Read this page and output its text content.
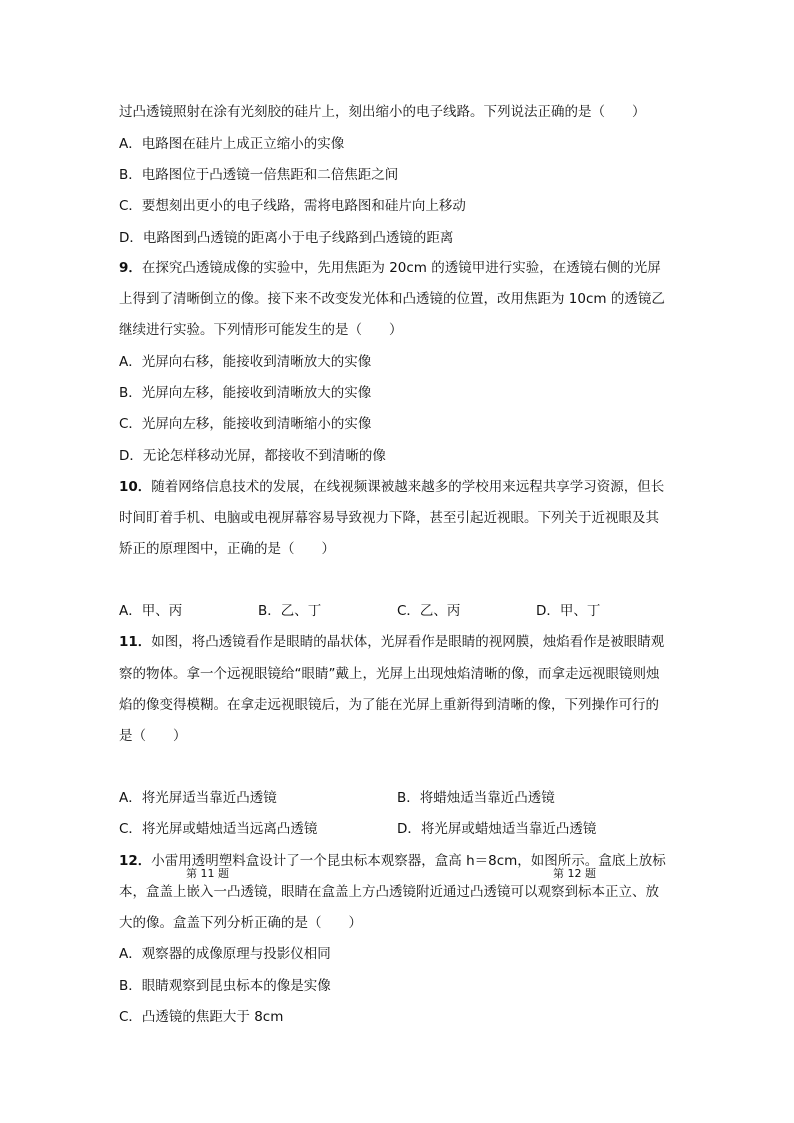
过凸透镜照射在涂有光刻胶的硅片上，刻出缩小的电子线路。下列说法正确的是（　　）
A．电路图在硅片上成正立缩小的实像
B．电路图位于凸透镜一倍焦距和二倍焦距之间
C．要想刻出更小的电子线路，需将电路图和硅片向上移动
D．电路图到凸透镜的距离小于电子线路到凸透镜的距离
9．在探究凸透镜成像的实验中，先用焦距为 20cm 的透镜甲进行实验，在透镜右侧的光屏
上得到了清晰倒立的像。接下来不改变发光体和凸透镜的位置，改用焦距为 10cm 的透镜乙
继续进行实验。下列情形可能发生的是（　　）
A．光屏向右移，能接收到清晰放大的实像
B．光屏向左移，能接收到清晰放大的实像
C．光屏向左移，能接收到清晰缩小的实像
D．无论怎样移动光屏，都接收不到清晰的像
10．随着网络信息技术的发展，在线视频课被越来越多的学校用来远程共享学习资源，但长
时间盯着手机、电脑或电视屏幕容易导致视力下降，甚至引起近视眼。下列关于近视眼及其
矫正的原理图中，正确的是（　　）
A．甲、丙	B．乙、丁	C．乙、丙	D．甲、丁
11．如图，将凸透镜看作是眼睛的晶状体，光屏看作是眼睛的视网膜，烛焰看作是被眼睛观
察的物体。拿一个远视眼镜给“眼睛”戴上，光屏上出现烛焰清晰的像，而拿走远视眼镜则烛
焰的像变得模糊。在拿走远视眼镜后，为了能在光屏上重新得到清晰的像，下列操作可行的
是（　　）
A．将光屏适当靠近凸透镜	B．将蜡烛适当靠近凸透镜
C．将光屏或蜡烛适当远离凸透镜	D．将光屏或蜡烛适当靠近凸透镜
12．小雷用透明塑料盒设计了一个昆虫标本观察器，盒高 h＝8cm，如图所示。盒底上放标
第 11 题	第 12 题
本，盒盖上嵌入一凸透镜，眼睛在盒盖上方凸透镜附近通过凸透镜可以观察到标本正立、放
大的像。盒盖下列分析正确的是（　　）
A．观察器的成像原理与投影仪相同
B．眼睛观察到昆虫标本的像是实像
C．凸透镜的焦距大于 8cm
